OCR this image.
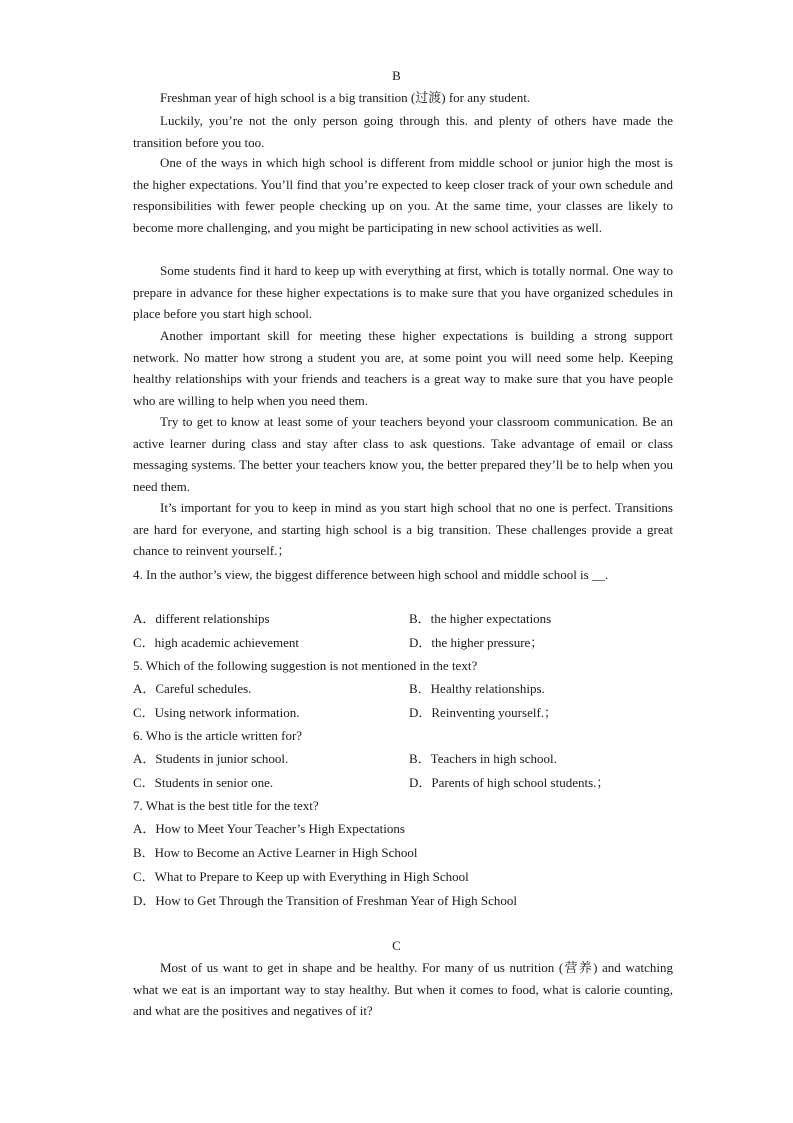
B

Freshman year of high school is a big transition (过渡) for any student.

Luckily, you’re not the only person going through this. and plenty of others have made the transition before you too.

One of the ways in which high school is different from middle school or junior high the most is the higher expectations. You’ll find that you’re expected to keep closer track of your own schedule and responsibilities with fewer people checking up on you. At the same time, your classes are likely to become more challenging, and you might be participating in new school activities as well.

Some students find it hard to keep up with everything at first, which is totally normal. One way to prepare in advance for these higher expectations is to make sure that you have organized schedules in place before you start high school.

Another important skill for meeting these higher expectations is building a strong support network. No matter how strong a student you are, at some point you will need some help. Keeping healthy relationships with your friends and teachers is a great way to make sure that you have people who are willing to help when you need them.

Try to get to know at least some of your teachers beyond your classroom communication. Be an active learner during class and stay after class to ask questions. Take advantage of email or class messaging systems. The better your teachers know you, the better prepared they’ll be to help when you need them.

It’s important for you to keep in mind as you start high school that no one is perfect. Transitions are hard for everyone, and starting high school is a big transition. These challenges provide a great chance to reinvent yourself.；

4. In the author’s view, the biggest difference between high school and middle school is __.

A．different relationships	B．the higher expectations

C．high academic achievement	D．the higher pressure；

5. Which of the following suggestion is not mentioned in the text?

A．Careful schedules.	B．Healthy relationships.

C．Using network information.	D．Reinventing yourself.；

6. Who is the article written for?

A．Students in junior school.	B．Teachers in high school.

C．Students in senior one.	D．Parents of high school students.；

7. What is the best title for the text?

A．How to Meet Your Teacher’s High Expectations

B．How to Become an Active Learner in High School

C．What to Prepare to Keep up with Everything in High School

D．How to Get Through the Transition of Freshman Year of High School

C

Most of us want to get in shape and be healthy. For many of us nutrition (营养) and watching what we eat is an important way to stay healthy. But when it comes to food, what is calorie counting, and what are the positives and negatives of it?
